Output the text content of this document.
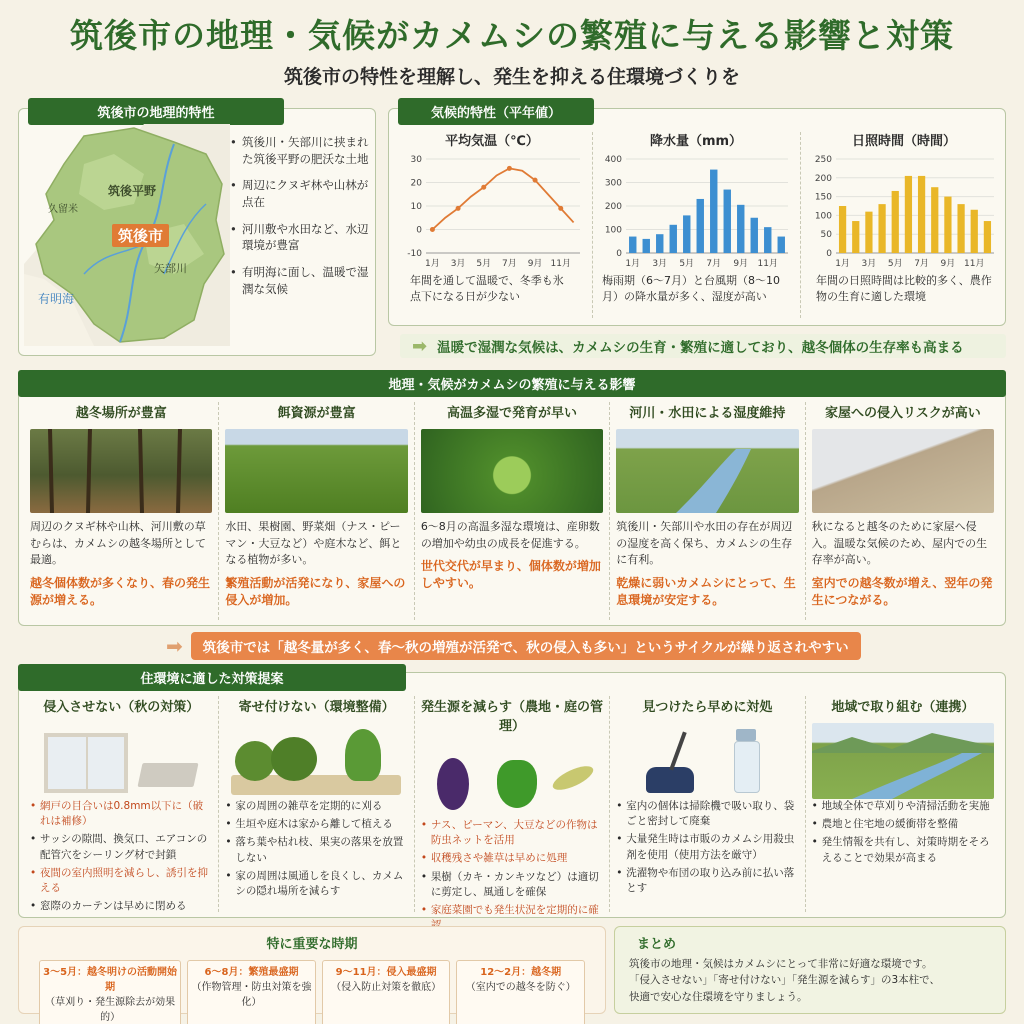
筑後市の地理・気候がカメムシの繁殖に与える影響と対策
筑後市の特性を理解し、発生を抑える住環境づくりを
筑後市の地理的特性
筑後平野
筑後市
矢部川
久留米
有明海
• 筑後川・矢部川に挟まれた筑後平野の肥沃な土地
• 周辺にクヌギ林や山林が点在
• 河川敷や水田など、水辺環境が豊富
• 有明海に面し、温暖で湿潤な気候
気候的特性（平年値）
平均気温（℃）
-10
0
10
20
30
1月 3月 5月 7月 9月 11月
年間を通して温暖で、冬季も氷点下になる日が少ない
降水量（mm）
0
100
200
300
400
1月 3月 5月 7月 9月 11月
梅雨期（6〜7月）と台風期（8〜10月）の降水量が多く、湿度が高い
日照時間（時間）
0
50
100
150
200
250
1月 3月 5月 7月 9月 11月
年間の日照時間は比較的多く、農作物の生育に適した環境
➡ 温暖で湿潤な気候は、カメムシの生育・繁殖に適しており、越冬個体の生存率も高まる
地理・気候がカメムシの繁殖に与える影響
越冬場所が豊富

周辺のクヌギ林や山林、河川敷の草むらは、カメムシの越冬場所として最適。

越冬個体数が多くなり、春の発生源が増える。

餌資源が豊富

水田、果樹園、野菜畑（ナス・ピーマン・大豆など）や庭木など、餌となる植物が多い。

繁殖活動が活発になり、家屋への侵入が増加。

高温多湿で発育が早い

6〜8月の高温多湿な環境は、産卵数の増加や幼虫の成長を促進する。

世代交代が早まり、個体数が増加しやすい。

河川・水田による湿度維持

筑後川・矢部川や水田の存在が周辺の湿度を高く保ち、カメムシの生存に有利。

乾燥に弱いカメムシにとって、生息環境が安定する。

家屋への侵入リスクが高い

秋になると越冬のために家屋へ侵入。温暖な気候のため、屋内での生存率が高い。

室内での越冬数が増え、翌年の発生につながる。

➡	筑後市では「越冬量が多く、春〜秋の増殖が活発で、秋の侵入も多い」というサイクルが繰り返されやすい
住環境に適した対策提案
侵入させない（秋の対策）
• 網戸の目合いは0.8mm以下に（破れは補修）
• サッシの隙間、換気口、エアコンの配管穴をシーリング材で封鎖
• 夜間の室内照明を減らし、誘引を抑える
• 窓際のカーテンは早めに閉める
寄せ付けない（環境整備）
• 家の周囲の雑草を定期的に刈る
• 生垣や庭木は家から離して植える
• 落ち葉や枯れ枝、果実の落果を放置しない
• 家の周囲は風通しを良くし、カメムシの隠れ場所を減らす
発生源を減らす（農地・庭の管理）
• ナス、ピーマン、大豆などの作物は防虫ネットを活用
• 収穫残さや雑草は早めに処理
• 果樹（カキ・カンキツなど）は適切に剪定し、風通しを確保
• 家庭菜園でも発生状況を定期的に確
見つけたら早めに対処
• 室内の個体は掃除機で吸い取り、袋ごと密封して廃棄
• 大量発生時は市販のカメムシ用殺虫剤を使用（使用方法を厳守）
• 洗濯物や布団の取り込み前に払い落とす
地域で取り組む（連携）
• 地域全体で草刈りや清掃活動を実施
• 農地と住宅地の緩衝帯を整備
• 発生情報を共有し、対策時期をそろえることで効果が高まる
特に重要な時期
3〜5月：越冬明けの活動開始期
（草刈り・発生源除去が効果的）
6〜8月：繁殖最盛期
（作物管理・防虫対策を強化）
9〜11月：侵入最盛期
（侵入防止対策を徹底）
12〜2月：越冬期
（室内での越冬を防ぐ）
まとめ
筑後市の地理・気候はカメムシにとって非常に好適な環境です。
「侵入させない」「寄せ付けない」「発生源を減らす」の3本柱で、
快適で安心な住環境を守りましょう。
